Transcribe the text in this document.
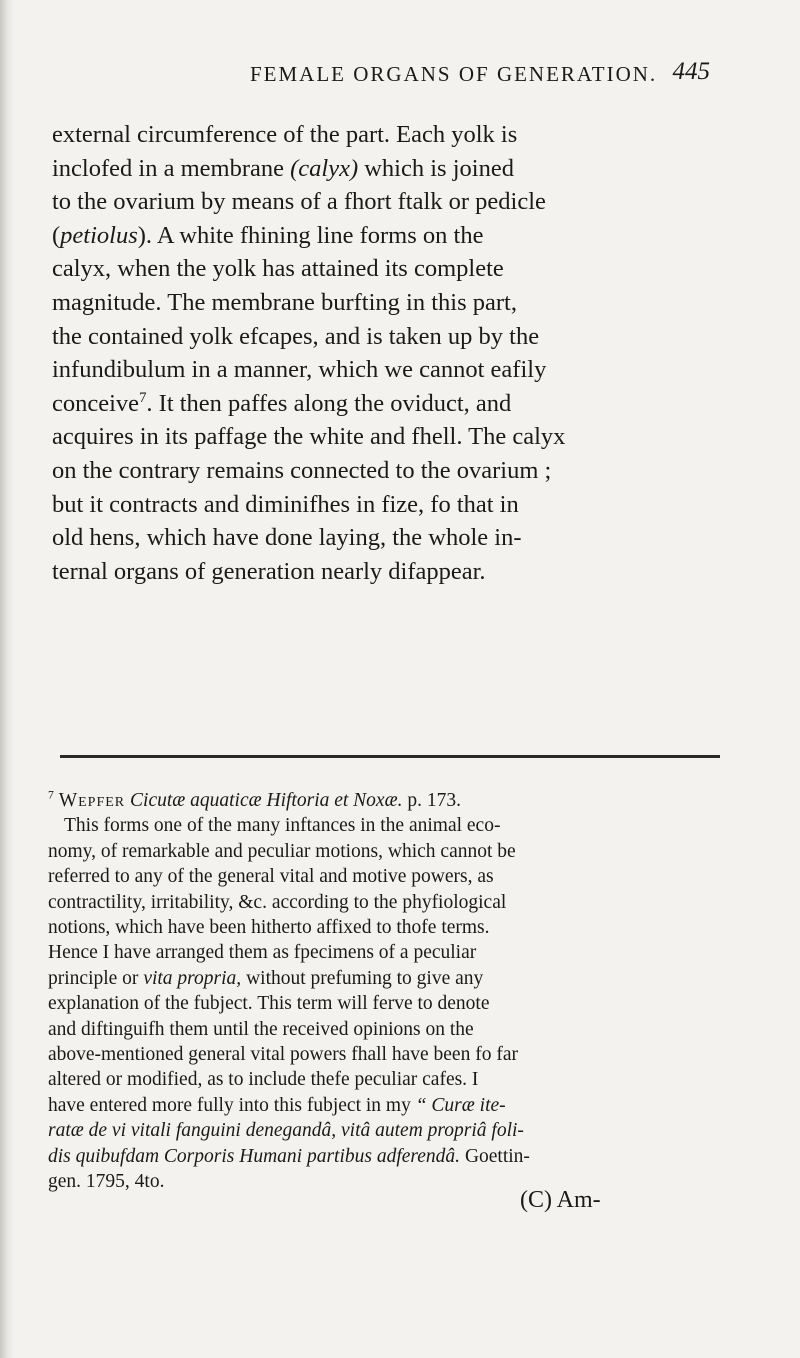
FEMALE ORGANS OF GENERATION. 445
external circumference of the part. Each yolk is
inclofed in a membrane (calyx) which is joined
to the ovarium by means of a fhort ftalk or pedicle
(petiolus). A white fhining line forms on the
calyx, when the yolk has attained its complete
magnitude. The membrane burfting in this part,
the contained yolk efcapes, and is taken up by the
infundibulum in a manner, which we cannot eafily
conceive$^7$. It then paffes along the oviduct, and
acquires in its paffage the white and fhell. The calyx
on the contrary remains connected to the ovarium ;
but it contracts and diminifhes in fize, fo that in
old hens, which have done laying, the whole in-
ternal organs of generation nearly difappear.
$^7$ Wepfer Cicutæ aquaticæ Hiftoria et Noxæ. p. 173.
This forms one of the many inftances in the animal eco-
nomy, of remarkable and peculiar motions, which cannot be
referred to any of the general vital and motive powers, as
contractility, irritability, &c. according to the phyfiological
notions, which have been hitherto affixed to thofe terms.
Hence I have arranged them as fpecimens of a peculiar
principle or vita propria, without prefuming to give any
explanation of the fubject. This term will ferve to denote
and diftinguifh them until the received opinions on the
above-mentioned general vital powers fhall have been fo far
altered or modified, as to include thefe peculiar cafes. I
have entered more fully into this fubject in my “ Curæ ite-
ratæ de vi vitali fanguini denegandâ, vitâ autem propriâ foli-
dis quibufdam Corporis Humani partibus adferendâ. Goettin-
gen. 1795, 4to.
(C) Am-
